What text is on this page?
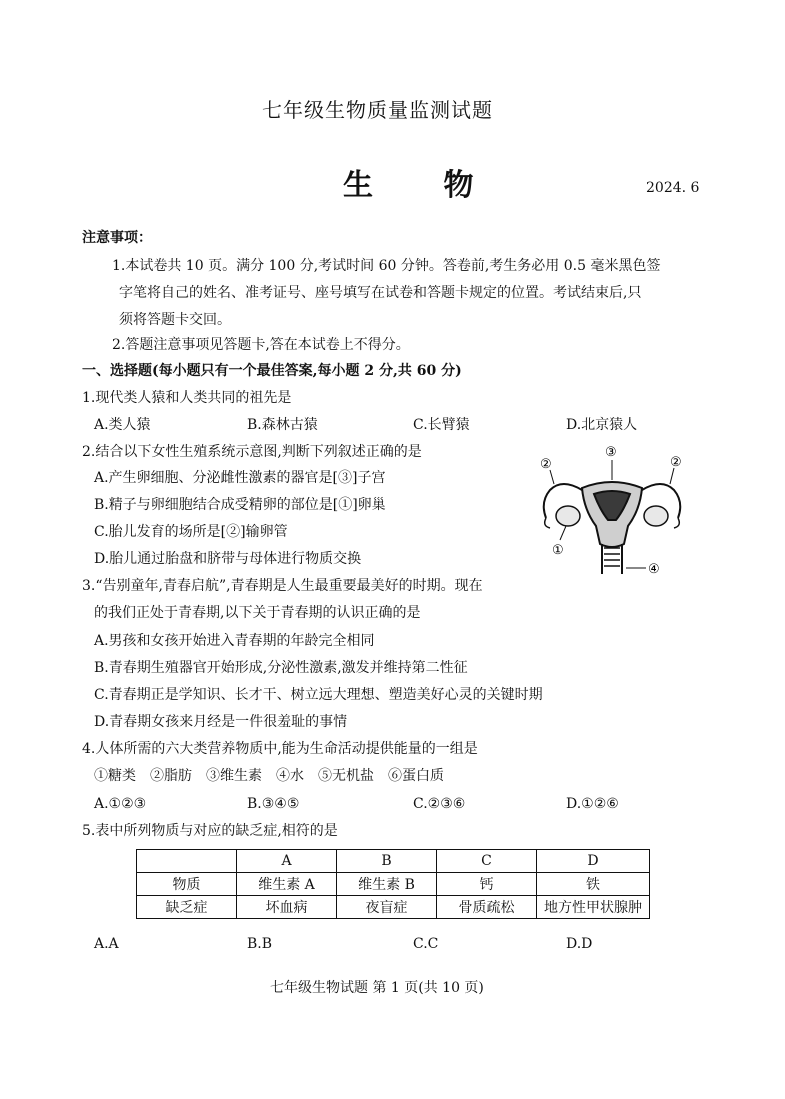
七年级生物质量监测试题
生 物	2024. 6
注意事项：
1.本试卷共 10 页。满分 100 分,考试时间 60 分钟。答卷前,考生务必用 0.5 毫米黑色签
字笔将自己的姓名、准考证号、座号填写在试卷和答题卡规定的位置。考试结束后,只
须将答题卡交回。
2.答题注意事项见答题卡,答在本试卷上不得分。
一、选择题(每小题只有一个最佳答案,每小题 2 分,共 60 分)
1.现代类人猿和人类共同的祖先是
A.类人猿	B.森林古猿	C.长臂猿	D.北京猿人
2.结合以下女性生殖系统示意图,判断下列叙述正确的是
A.产生卵细胞、分泌雌性激素的器官是[③]子宫
B.精子与卵细胞结合成受精卵的部位是[①]卵巢
C.胎儿发育的场所是[②]输卵管
D.胎儿通过胎盘和脐带与母体进行物质交换
③
②	②
①
④
3.“告别童年,青春启航”,青春期是人生最重要最美好的时期。现在
的我们正处于青春期,以下关于青春期的认识正确的是
A.男孩和女孩开始进入青春期的年龄完全相同
B.青春期生殖器官开始形成,分泌性激素,激发并维持第二性征
C.青春期正是学知识、长才干、树立远大理想、塑造美好心灵的关键时期
D.青春期女孩来月经是一件很羞耻的事情
4.人体所需的六大类营养物质中,能为生命活动提供能量的一组是
①糖类　②脂肪　③维生素　④水　⑤无机盐　⑥蛋白质
A.①②③	B.③④⑤	C.②③⑥	D.①②⑥
5.表中所列物质与对应的缺乏症,相符的是
	A	B	C	D
物质	维生素 A	维生素 B	钙	铁
缺乏症	坏血病	夜盲症	骨质疏松	地方性甲状腺肿
A.A	B.B	C.C	D.D
七年级生物试题 第 1 页(共 10 页)
